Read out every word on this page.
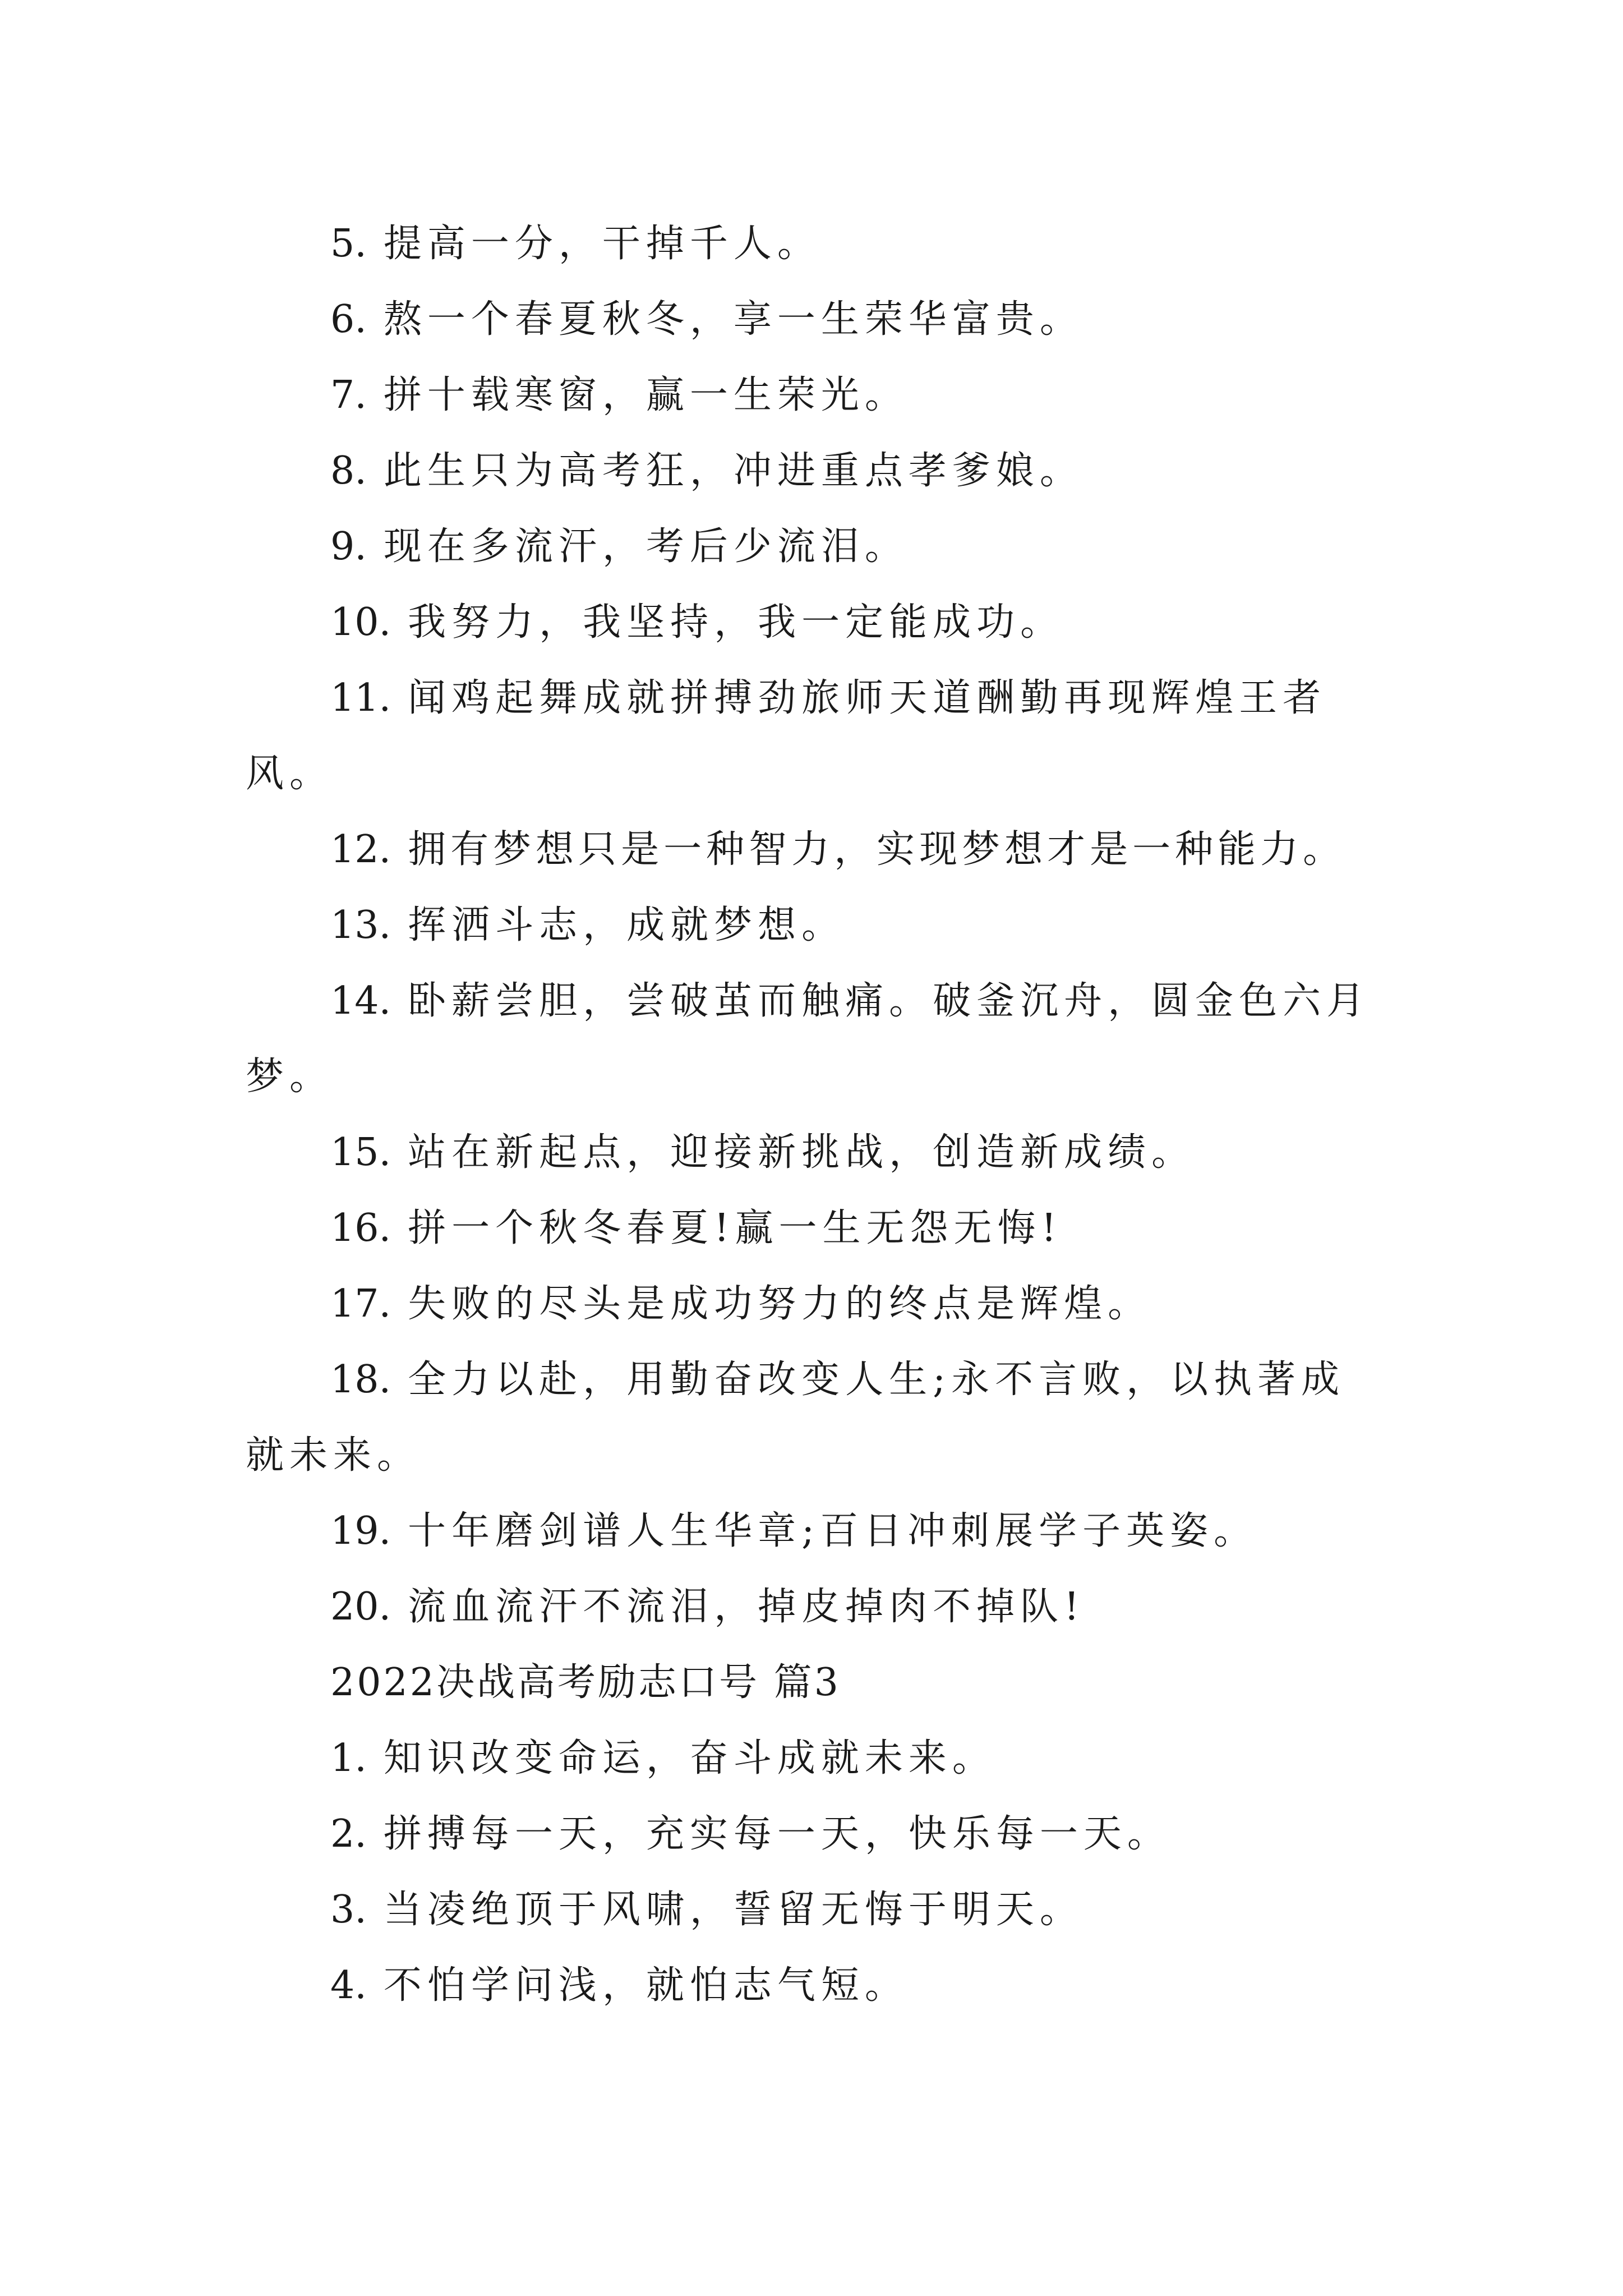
5. 提高一分，干掉千人。
6. 熬一个春夏秋冬，享一生荣华富贵。
7. 拼十载寒窗，赢一生荣光。
8. 此生只为高考狂，冲进重点孝爹娘。
9. 现在多流汗，考后少流泪。
10. 我努力，我坚持，我一定能成功。
11. 闻鸡起舞成就拼搏劲旅师天道酬勤再现辉煌王者
风。
12. 拥有梦想只是一种智力，实现梦想才是一种能力。
13. 挥洒斗志，成就梦想。
14. 卧薪尝胆，尝破茧而触痛。破釜沉舟，圆金色六月
梦。
15. 站在新起点，迎接新挑战，创造新成绩。
16. 拼一个秋冬春夏!赢一生无怨无悔!
17. 失败的尽头是成功努力的终点是辉煌。
18. 全力以赴，用勤奋改变人生;永不言败，以执著成
就未来。
19. 十年磨剑谱人生华章;百日冲刺展学子英姿。
20. 流血流汗不流泪，掉皮掉肉不掉队!
2022决战高考励志口号 篇3
1. 知识改变命运，奋斗成就未来。
2. 拼搏每一天，充实每一天，快乐每一天。
3. 当凌绝顶于风啸，誓留无悔于明天。
4. 不怕学问浅，就怕志气短。
